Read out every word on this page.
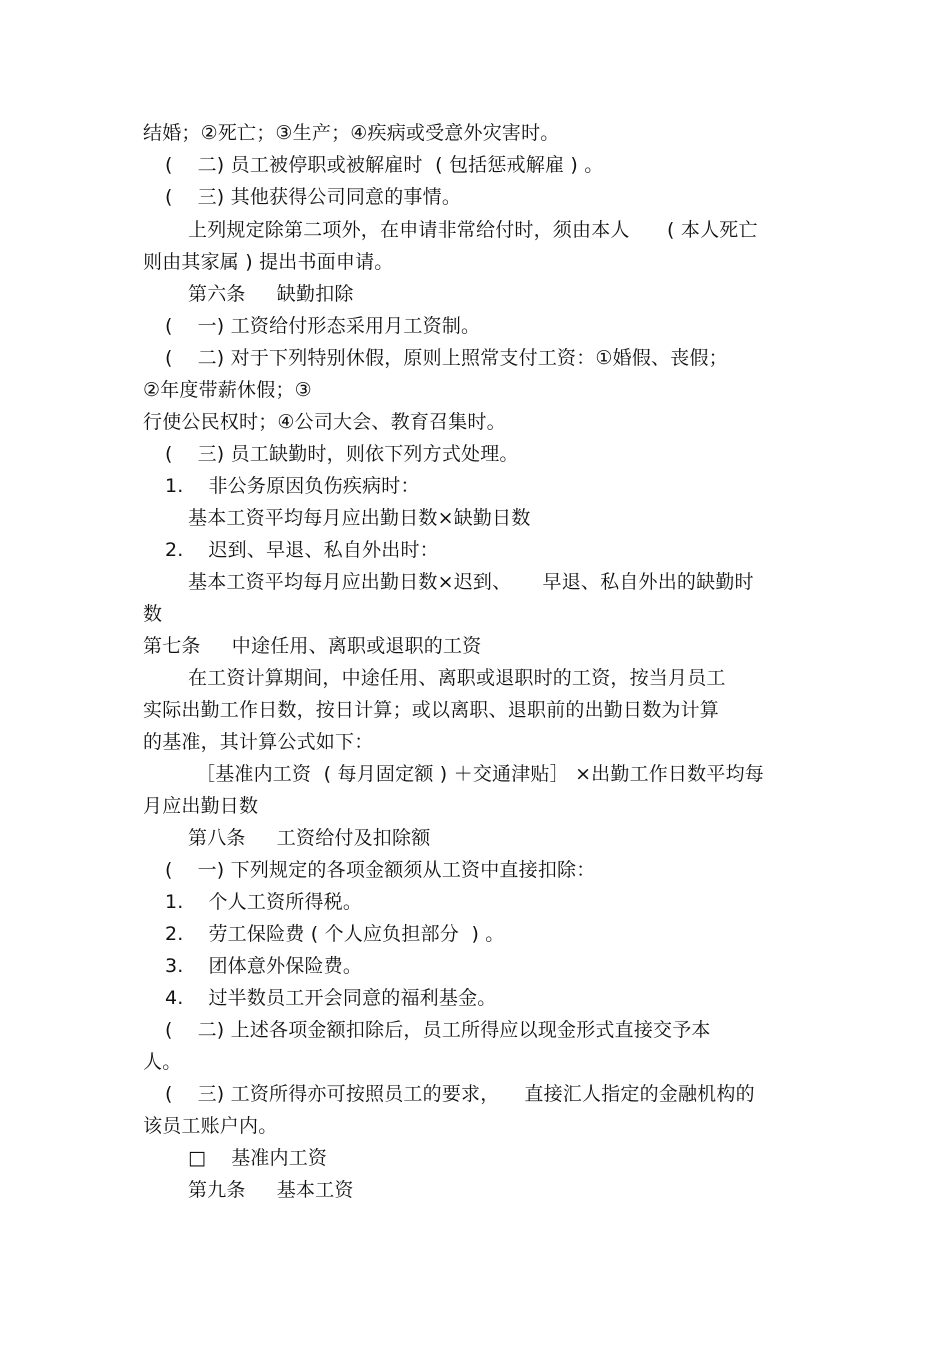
结婚；②死亡；③生产；④疾病或受意外灾害时。
(    二) 员工被停职或被解雇时  ( 包括惩戒解雇 ) 。
(    三) 其他获得公司同意的事情。
上列规定除第二项外，在申请非常给付时，须由本人      ( 本人死亡
则由其家属 ) 提出书面申请。
第六条     缺勤扣除
(    一) 工资给付形态采用月工资制。
(    二) 对于下列特别休假，原则上照常支付工资：①婚假、丧假；
②年度带薪休假；③
行使公民权时；④公司大会、教育召集时。
(    三) 员工缺勤时，则依下列方式处理。
1.    非公务原因负伤疾病时：
基本工资平均每月应出勤日数×缺勤日数
2.    迟到、早退、私自外出时：
基本工资平均每月应出勤日数×迟到、     早退、私自外出的缺勤时
数
第七条     中途任用、离职或退职的工资
在工资计算期间，中途任用、离职或退职时的工资，按当月员工
实际出勤工作日数，按日计算；或以离职、退职前的出勤日数为计算
的基准，其计算公式如下：
［基准内工资  ( 每月固定额 ) ＋交通津贴］ ×出勤工作日数平均每
月应出勤日数
第八条     工资给付及扣除额
(    一) 下列规定的各项金额须从工资中直接扣除：
1.    个人工资所得税。
2.    劳工保险费 ( 个人应负担部分  ) 。
3.    团体意外保险费。
4.    过半数员工开会同意的福利基金。
(    二) 上述各项金额扣除后，员工所得应以现金形式直接交予本
人。
(    三) 工资所得亦可按照员工的要求，    直接汇人指定的金融机构的
该员工账户内。
□    基准内工资
第九条     基本工资
